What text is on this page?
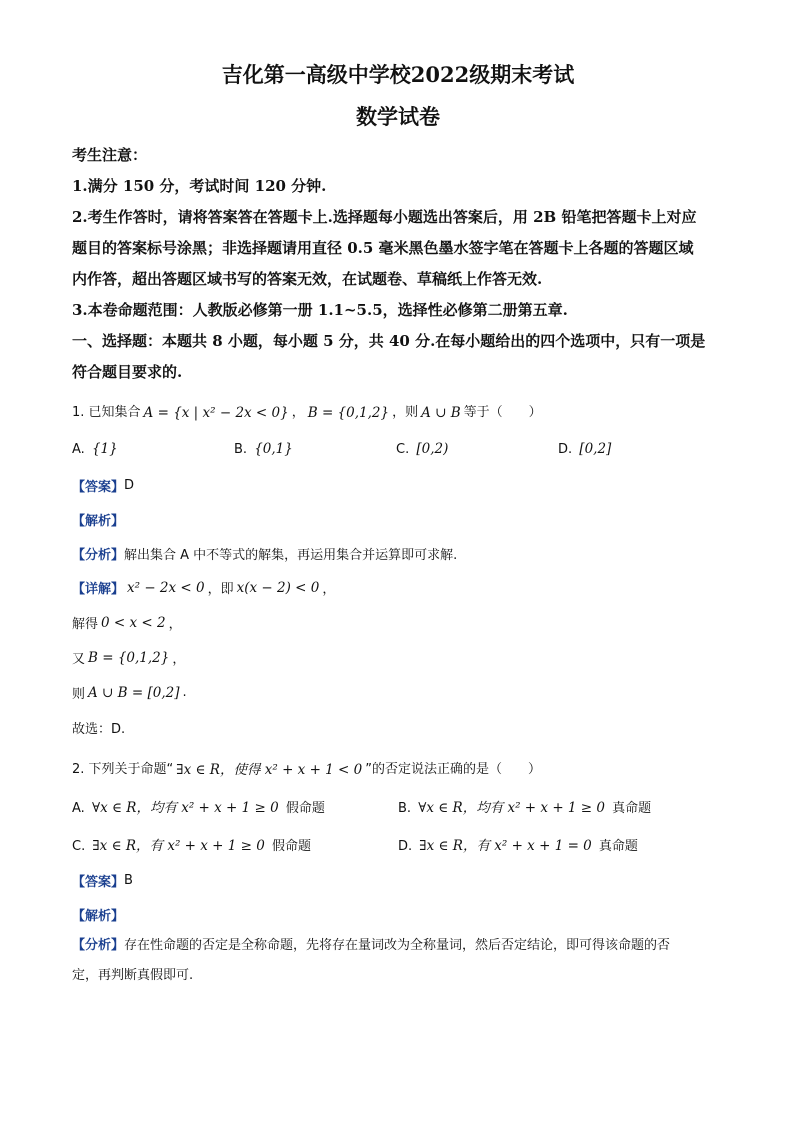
吉化第一高级中学校2022级期末考试
数学试卷

考生注意：

1.满分 150 分，考试时间 120 分钟.

2.考生作答时，请将答案答在答题卡上.选择题每小题选出答案后，用 2B 铅笔把答题卡上对应

题目的答案标号涂黑；非选择题请用直径 0.5 毫米黑色墨水签字笔在答题卡上各题的答题区域

内作答，超出答题区域书写的答案无效，在试题卷、草稿纸上作答无效.

3.本卷命题范围：人教版必修第一册 1.1~5.5，选择性必修第二册第五章.

一、选择题：本题共 8 小题，每小题 5 分，共 40 分.在每小题给出的四个选项中，只有一项是

符合题目要求的.

1. 已知集合 A = {x | x² − 2x < 0} ， B = {0,1,2} ，则 A ∪ B 等于（　　）
A. {1}	B. {0,1}	C. [0,2)	D. [0,2]
【答案】 D
【解析】
【分析】 解出集合 A 中不等式的解集，再运用集合并运算即可求解.
【详解】 x² − 2x < 0 ，即 x(x − 2) < 0 ，
解得 0 < x < 2 ，
又 B = {0,1,2} ，
则 A ∪ B = [0,2] .
故选：D.
2. 下列关于命题“ ∃x ∈ R，使得 x² + x + 1 < 0 ”的否定说法正确的是（　　）
A. ∀x ∈ R，均有 x² + x + 1 ≥ 0 假命题	B. ∀x ∈ R，均有 x² + x + 1 ≥ 0 真命题
C. ∃x ∈ R，有 x² + x + 1 ≥ 0 假命题	D. ∃x ∈ R，有 x² + x + 1 = 0 真命题
【答案】 B
【解析】

【分析】存在性命题的否定是全称命题，先将存在量词改为全称量词，然后否定结论，即可得该命题的否

定，再判断真假即可.
